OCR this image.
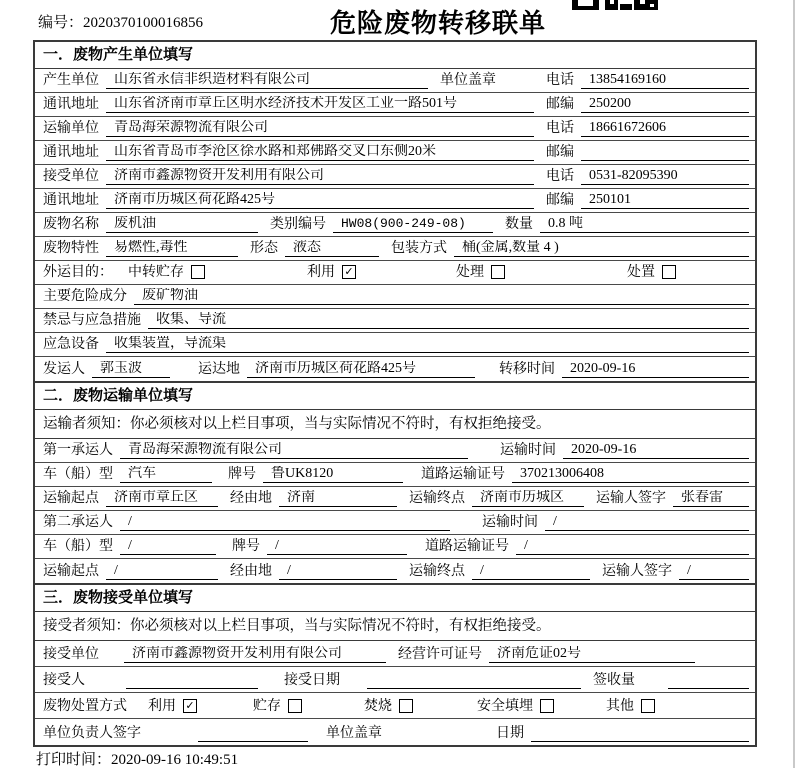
编号：2020370100016856	危险废物转移联单
一．废物产生单位填写
产生单位	山东省永信非织造材料有限公司	单位盖章	电话	13854169160
通讯地址	山东省济南市章丘区明水经济技术开发区工业一路501号	邮编	250200
运输单位	青岛海荣源物流有限公司	电话	18661672606
通讯地址	山东省青岛市李沧区徐水路和郑佛路交叉口东侧20米	邮编
接受单位	济南市鑫源物资开发利用有限公司	电话	0531-82095390
通讯地址	济南市历城区荷花路425号	邮编	250101
废物名称	废机油	类别编号	HW08(900-249-08)	数量	0.8 吨
废物特性	易燃性,毒性	形态	液态	包装方式	桶(金属,数量 4 )
外运目的： 中转贮存	利用 ✓	处理	处置
主要危险成分	废矿物油
禁忌与应急措施	收集、导流
应急设备	收集装置，导流渠
发运人	郭玉波	运达地	济南市历城区荷花路425号	转移时间	2020-09-16
二．废物运输单位填写
运输者须知：你必须核对以上栏目事项，当与实际情况不符时，有权拒绝接受。
第一承运人	青岛海荣源物流有限公司	运输时间	2020-09-16
车（船）型	汽车	牌号	鲁UK8120	道路运输证号	370213006408
运输起点	济南市章丘区	经由地	济南	运输终点	济南市历城区	运输人签字	张春雷
第二承运人	/	运输时间	/
车（船）型	/	牌号	/	道路运输证号	/
运输起点	/	经由地	/	运输终点	/	运输人签字	/
三．废物接受单位填写
接受者须知：你必须核对以上栏目事项，当与实际情况不符时，有权拒绝接受。
接受单位	济南市鑫源物资开发利用有限公司	经营许可证号	济南危证02号
接受人	接受日期	签收量
废物处置方式 利用 ✓	贮存	焚烧	安全填埋	其他
单位负责人签字	单位盖章	日期
打印时间：2020-09-16 10:49:51
